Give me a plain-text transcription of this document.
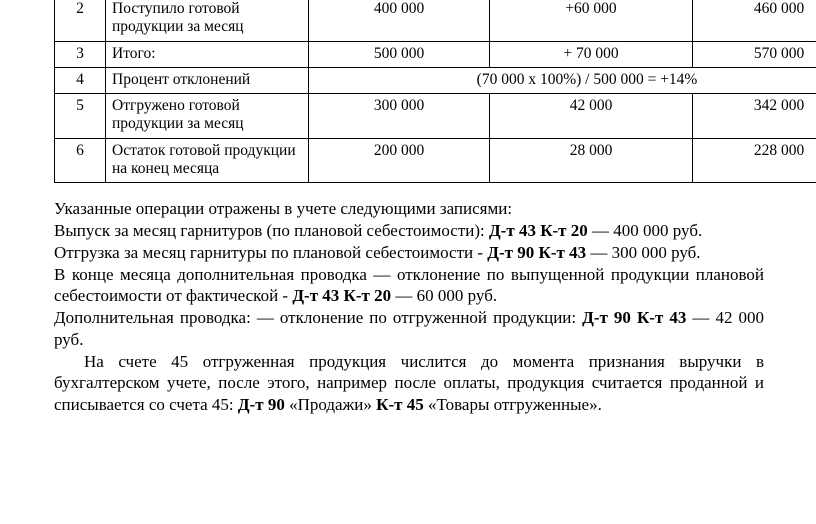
2	Поступило готовой продукции за месяц	400 000	+60 000	460 000
3	Итого:	500 000	+ 70 000	570 000
4	Процент отклонений	(70 000 х 100%) / 500 000 = +14%		
5	Отгружено готовой продукции за месяц	300 000	42 000	342 000
6	Остаток готовой продукции на конец месяца	200 000	28 000	228 000

Указанные операции отражены в учете следующими записями:

Выпуск за месяц гарнитуров (по плановой себестоимости): Д-т 43 К-т 20 — 400 000 руб.

Отгрузка за месяц гарнитуры по плановой себестоимости - Д-т 90 К-т 43 — 300 000 руб.

В конце месяца дополнительная проводка — отклонение по выпущенной продукции плановой себестоимости от фактической - Д-т 43 К-т 20 — 60 000 руб.

Дополнительная проводка: — отклонение по отгруженной продукции: Д-т 90 К-т 43 — 42 000 руб.

На счете 45 отгруженная продукция числится до момента признания выручки в бухгалтерском учете, после этого, например после оплаты, продукция считается проданной и списывается со счета 45: Д-т 90 «Продажи» К-т 45 «Товары отгруженные».
